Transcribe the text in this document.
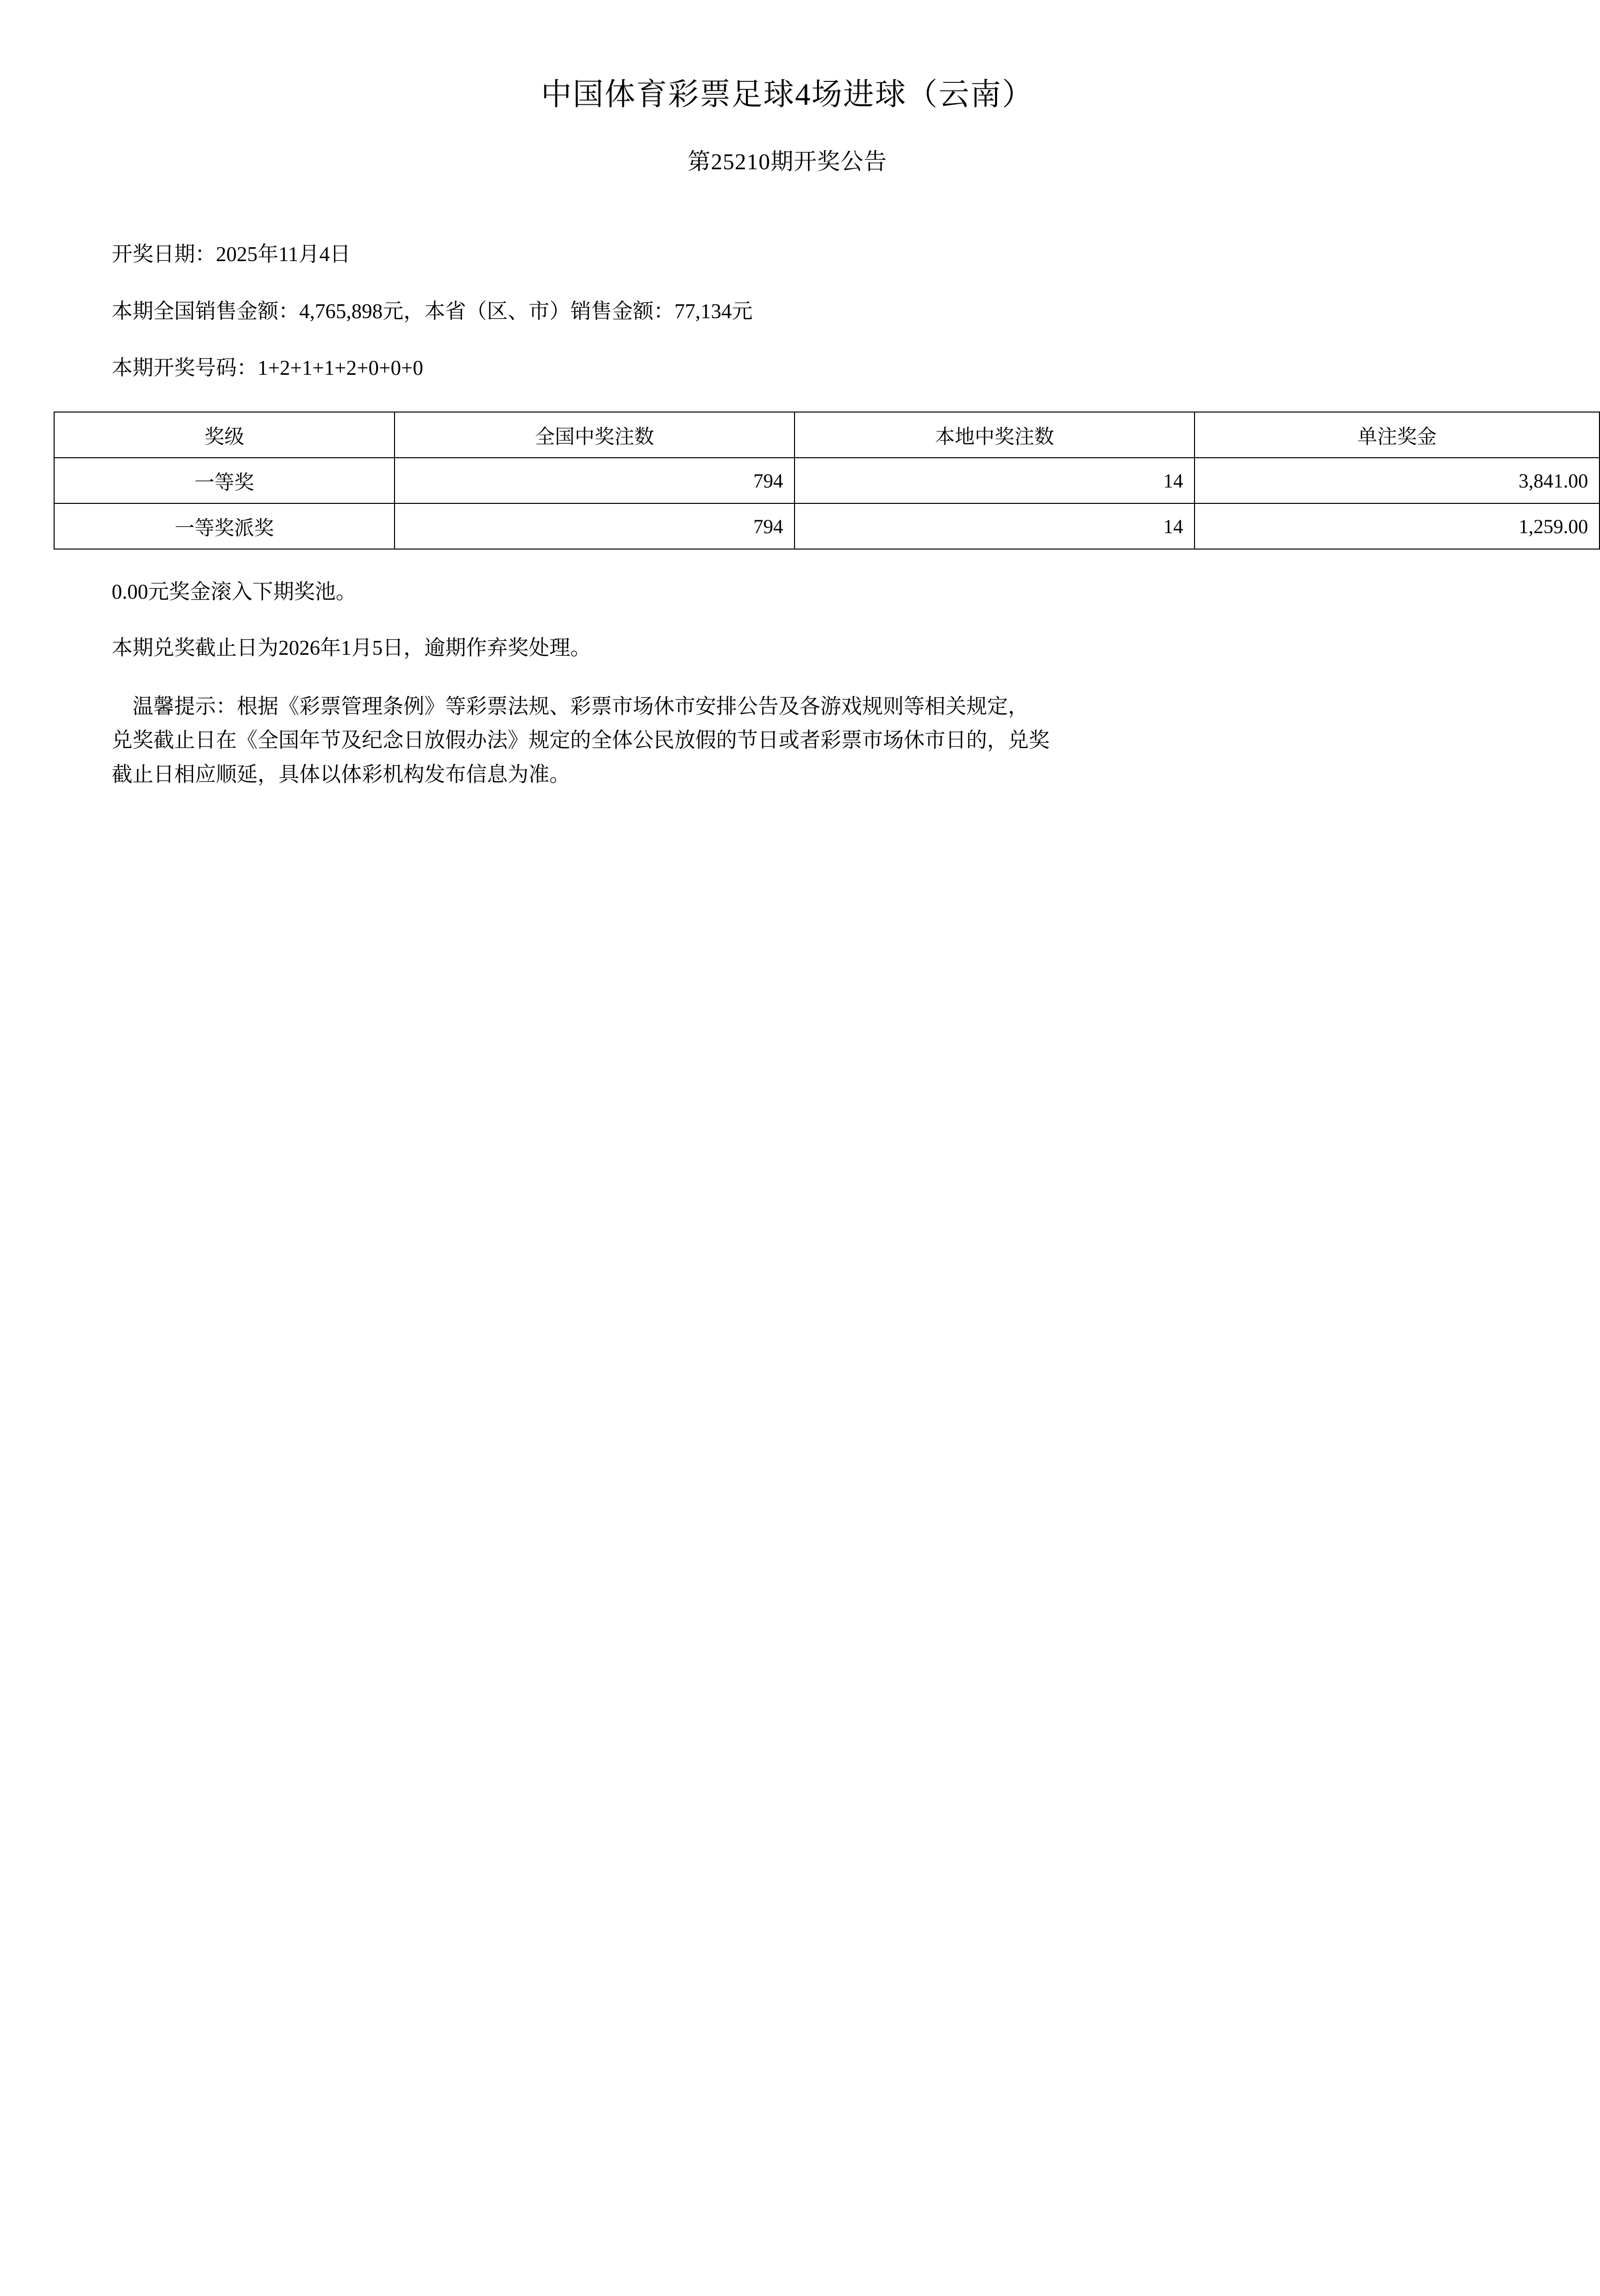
中国体育彩票足球4场进球（云南）
第25210期开奖公告
开奖日期：2025年11月4日
本期全国销售金额：4,765,898元，本省（区、市）销售金额：77,134元
本期开奖号码：1+2+1+1+2+0+0+0
奖级	全国中奖注数	本地中奖注数	单注奖金
一等奖	794	14	3,841.00
一等奖派奖	794	14	1,259.00
0.00元奖金滚入下期奖池。
本期兑奖截止日为2026年1月5日，逾期作弃奖处理。
温馨提示：根据《彩票管理条例》等彩票法规、彩票市场休市安排公告及各游戏规则等相关规定，
兑奖截止日在《全国年节及纪念日放假办法》规定的全体公民放假的节日或者彩票市场休市日的，兑奖
截止日相应顺延，具体以体彩机构发布信息为准。
